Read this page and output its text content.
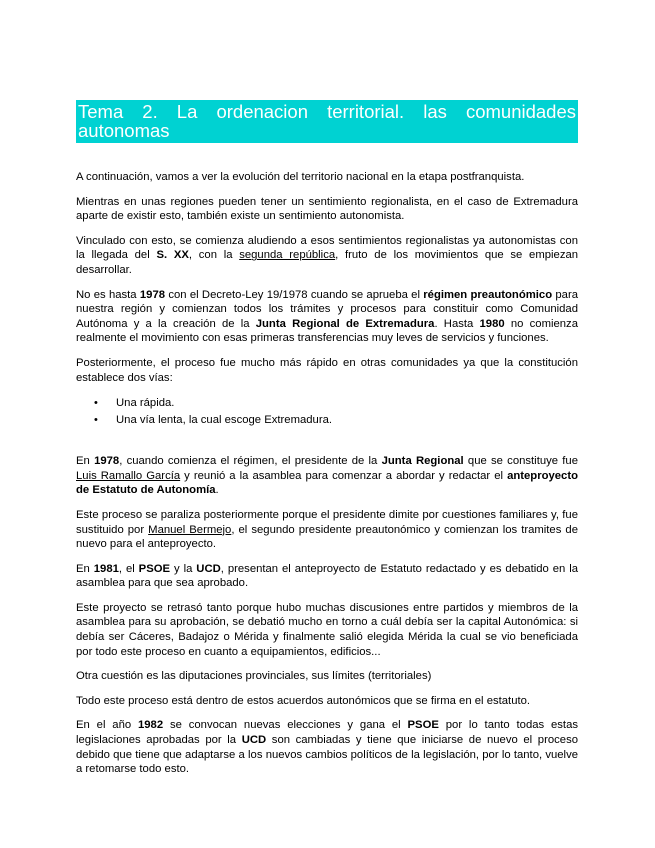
Tema 2. La ordenacion territorial. las comunidades autonomas

A continuación, vamos a ver la evolución del territorio nacional en la etapa postfranquista.

Mientras en unas regiones pueden tener un sentimiento regionalista, en el caso de Extremadura aparte de existir esto, también existe un sentimiento autonomista.

Vinculado con esto, se comienza aludiendo a esos sentimientos regionalistas ya autonomistas con la llegada del S. XX, con la segunda república, fruto de los movimientos que se empiezan desarrollar.

No es hasta 1978 con el Decreto-Ley 19/1978 cuando se aprueba el régimen preautonómico para nuestra región y comienzan todos los trámites y procesos para constituir como Comunidad Autónoma y a la creación de la Junta Regional de Extremadura. Hasta 1980 no comienza realmente el movimiento con esas primeras transferencias muy leves de servicios y funciones.

Posteriormente, el proceso fue mucho más rápido en otras comunidades ya que la constitución establece dos vías:

• Una rápida.
• Una vía lenta, la cual escoge Extremadura.

En 1978, cuando comienza el régimen, el presidente de la Junta Regional que se constituye fue Luis Ramallo García y reunió a la asamblea para comenzar a abordar y redactar el anteproyecto de Estatuto de Autonomía.

Este proceso se paraliza posteriormente porque el presidente dimite por cuestiones familiares y, fue sustituido por Manuel Bermejo, el segundo presidente preautonómico y comienzan los tramites de nuevo para el anteproyecto.

En 1981, el PSOE y la UCD, presentan el anteproyecto de Estatuto redactado y es debatido en la asamblea para que sea aprobado.

Este proyecto se retrasó tanto porque hubo muchas discusiones entre partidos y miembros de la asamblea para su aprobación, se debatió mucho en torno a cuál debía ser la capital Autonómica: si debía ser Cáceres, Badajoz o Mérida y finalmente salió elegida Mérida la cual se vio beneficiada por todo este proceso en cuanto a equipamientos, edificios...

Otra cuestión es las diputaciones provinciales, sus límites (territoriales)

Todo este proceso está dentro de estos acuerdos autonómicos que se firma en el estatuto.

En el año 1982 se convocan nuevas elecciones y gana el PSOE por lo tanto todas estas legislaciones aprobadas por la UCD son cambiadas y tiene que iniciarse de nuevo el proceso debido que tiene que adaptarse a los nuevos cambios políticos de la legislación, por lo tanto, vuelve a retomarse todo esto.
